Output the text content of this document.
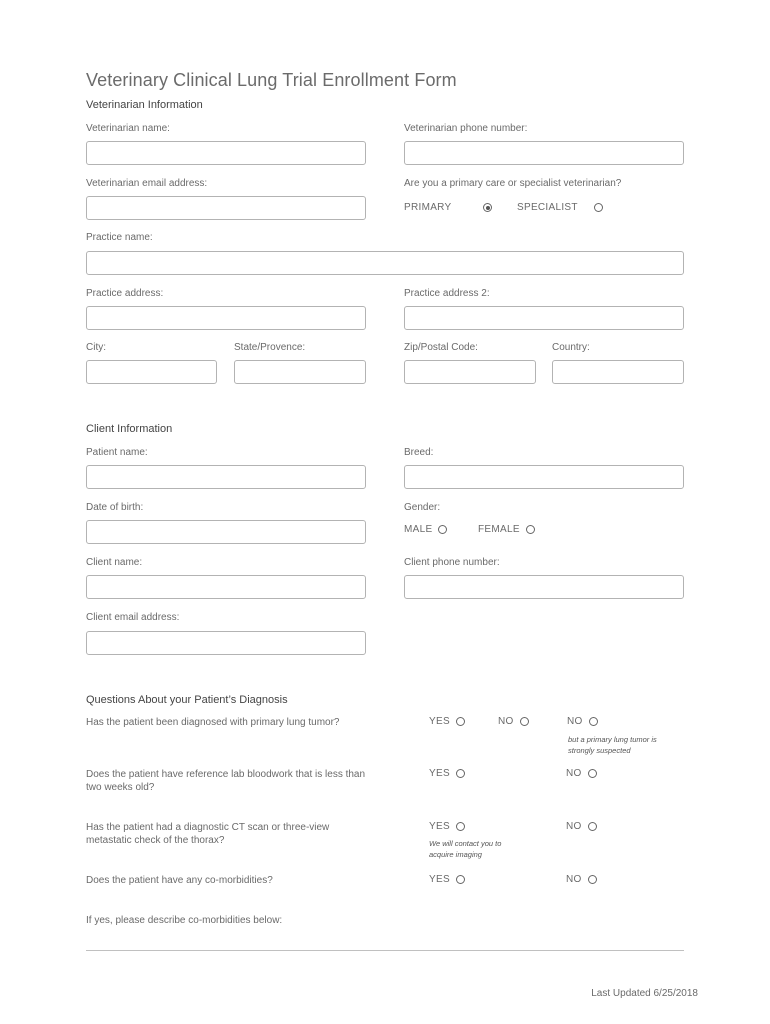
Veterinary Clinical Lung Trial Enrollment Form
Veterinarian Information
Veterinarian name:	Veterinarian phone number:
Veterinarian email address:	Are you a primary care or specialist veterinarian?
PRIMARY	SPECIALIST
Practice name:
Practice address:	Practice address 2:
City:	State/Provence:	Zip/Postal Code:	Country:
Client Information
Patient name:	Breed:
Date of birth:	Gender:
MALE	FEMALE
Client name:	Client phone number:
Client email address:
Questions About your Patient’s Diagnosis
Has the patient been diagnosed with primary lung tumor?	YES	NO	NO
but a primary lung tumor is strongly suspected
Does the patient have reference lab bloodwork that is less than two weeks old?
YES	NO
Has the patient had a diagnostic CT scan or three-view metastatic check of the thorax?
YES	NO
We will contact you to acquire imaging
Does the patient have any co-morbidities?	YES	NO
If yes, please describe co-morbidities below:
Last Updated 6/25/2018
